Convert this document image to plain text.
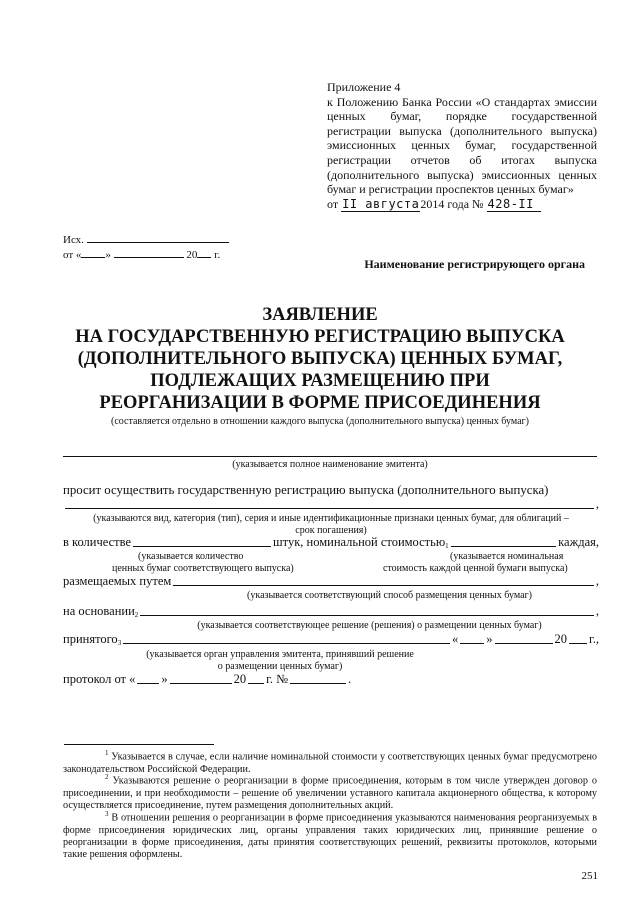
Приложение 4
к Положению Банка России «О стандартах эмиссии ценных бумаг, порядке государственной регистрации выпуска (дополнительного выпуска) эмиссионных ценных бумаг, государственной регистрации отчетов об итогах выпуска (дополнительного выпуска) эмиссионных ценных бумаг и регистрации проспектов ценных бумаг»
от
II августа 2014 года №
428-II
Исх.
от « »	20 г.
Наименование регистрирующего органа
ЗАЯВЛЕНИЕ
НА ГОСУДАРСТВЕННУЮ РЕГИСТРАЦИЮ ВЫПУСКА
(ДОПОЛНИТЕЛЬНОГО ВЫПУСКА) ЦЕННЫХ БУМАГ,
ПОДЛЕЖАЩИХ РАЗМЕЩЕНИЮ ПРИ
РЕОРГАНИЗАЦИИ В ФОРМЕ ПРИСОЕДИНЕНИЯ
(составляется отдельно в отношении каждого выпуска (дополнительного выпуска) ценных бумаг)
(указывается полное наименование эмитента)
просит осуществить государственную регистрацию выпуска (дополнительного выпуска)
,
(указываются вид, категория (тип), серия и иные идентификационные признаки ценных бумаг, для облигаций –
срок погашения)
в количестве	штук, номинальной стоимостью$_1$	каждая,
(указывается количество
ценных бумаг соответствующего выпуска)
(указывается номинальная
стоимость каждой ценной бумаги выпуска)
размещаемых путем	,
(указывается соответствующий способ размещения ценных бумаг)
на основании$_2$	,
(указывается соответствующее решение (решения) о размещении ценных бумаг)
принятого$_3$	« »	20 г.,
(указывается орган управления эмитента, принявший решение
о размещении ценных бумаг)
протокол от « »	20 г. №	.
$^1$ Указывается в случае, если наличие номинальной стоимости у соответствующих ценных бумаг предусмотрено законодательством Российской Федерации.
$^2$ Указываются решение о реорганизации в форме присоединения, которым в том числе утвержден договор о присоединении, и при необходимости – решение об увеличении уставного капитала акционерного общества, к которому осуществляется присоединение, путем размещения дополнительных акций.
$^3$ В отношении решения о реорганизации в форме присоединения указываются наименования реорганизуемых в форме присоединения юридических лиц, органы управления таких юридических лиц, принявшие решение о реорганизации в форме присоединения, даты принятия соответствующих решений, реквизиты протоколов, которыми такие решения оформлены.
251
